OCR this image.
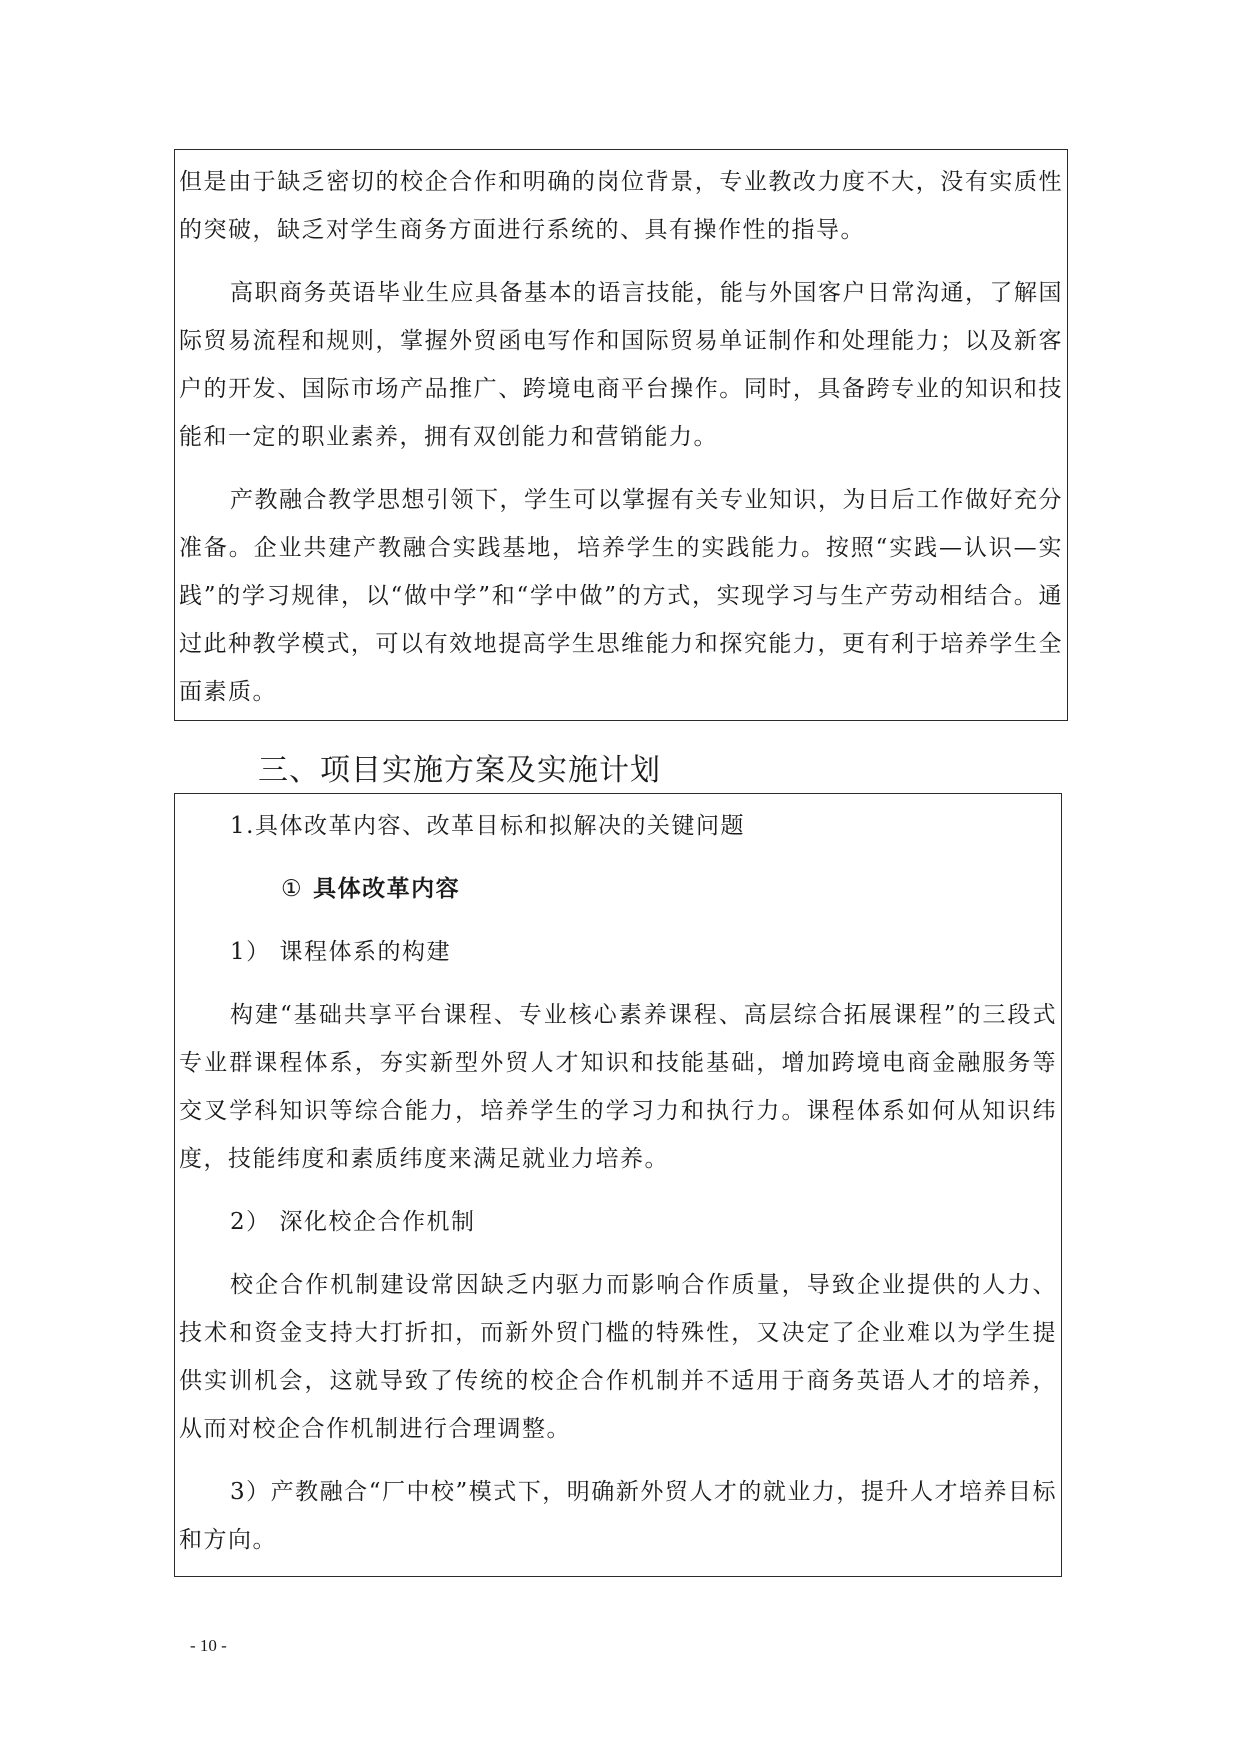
但是由于缺乏密切的校企合作和明确的岗位背景，专业教改力度不大，没有实质性的突破，缺乏对学生商务方面进行系统的、具有操作性的指导。

高职商务英语毕业生应具备基本的语言技能，能与外国客户日常沟通，了解国际贸易流程和规则，掌握外贸函电写作和国际贸易单证制作和处理能力；以及新客户的开发、国际市场产品推广、跨境电商平台操作。同时，具备跨专业的知识和技能和一定的职业素养，拥有双创能力和营销能力。

产教融合教学思想引领下，学生可以掌握有关专业知识，为日后工作做好充分准备。企业共建产教融合实践基地，培养学生的实践能力。按照“实践—认识—实践”的学习规律，以“做中学”和“学中做”的方式，实现学习与生产劳动相结合。通过此种教学模式，可以有效地提高学生思维能力和探究能力，更有利于培养学生全面素质。

三、项目实施方案及实施计划

1.具体改革内容、改革目标和拟解决的关键问题

① 具体改革内容

1） 课程体系的构建

构建“基础共享平台课程、专业核心素养课程、高层综合拓展课程”的三段式专业群课程体系，夯实新型外贸人才知识和技能基础，增加跨境电商金融服务等交叉学科知识等综合能力，培养学生的学习力和执行力。课程体系如何从知识纬度，技能纬度和素质纬度来满足就业力培养。

2） 深化校企合作机制

校企合作机制建设常因缺乏内驱力而影响合作质量，导致企业提供的人力、技术和资金支持大打折扣，而新外贸门槛的特殊性，又决定了企业难以为学生提供实训机会，这就导致了传统的校企合作机制并不适用于商务英语人才的培养，从而对校企合作机制进行合理调整。

3）产教融合“厂中校”模式下，明确新外贸人才的就业力，提升人才培养目标和方向。

- 10 -
